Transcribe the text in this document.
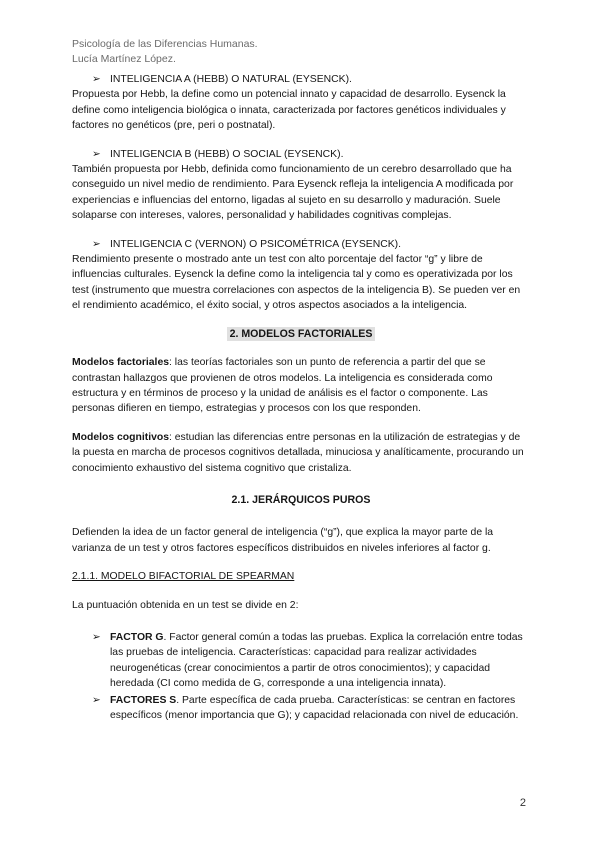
Psicología de las Diferencias Humanas.
Lucía Martínez López.
➢ INTELIGENCIA A (HEBB) O NATURAL (EYSENCK).

Propuesta por Hebb, la define como un potencial innato y capacidad de desarrollo. Eysenck la define como inteligencia biológica o innata, caracterizada por factores genéticos individuales y factores no genéticos (pre, peri o postnatal).

➢ INTELIGENCIA B (HEBB) O SOCIAL (EYSENCK).

También propuesta por Hebb, definida como funcionamiento de un cerebro desarrollado que ha conseguido un nivel medio de rendimiento. Para Eysenck refleja la inteligencia A modificada por experiencias e influencias del entorno, ligadas al sujeto en su desarrollo y maduración. Suele solaparse con intereses, valores, personalidad y habilidades cognitivas complejas.

➢ INTELIGENCIA C (VERNON) O PSICOMÉTRICA (EYSENCK).

Rendimiento presente o mostrado ante un test con alto porcentaje del factor “g” y libre de influencias culturales. Eysenck la define como la inteligencia tal y como es operativizada por los test (instrumento que muestra correlaciones con aspectos de la inteligencia B). Se pueden ver en el rendimiento académico, el éxito social, y otros aspectos asociados a la inteligencia.

2. MODELOS FACTORIALES

Modelos factoriales: las teorías factoriales son un punto de referencia a partir del que se contrastan hallazgos que provienen de otros modelos. La inteligencia es considerada como estructura y en términos de proceso y la unidad de análisis es el factor o componente. Las personas difieren en tiempo, estrategias y procesos con los que responden.

Modelos cognitivos: estudian las diferencias entre personas en la utilización de estrategias y de la puesta en marcha de procesos cognitivos detallada, minuciosa y analíticamente, procurando un conocimiento exhaustivo del sistema cognitivo que cristaliza.

2.1. JERÁRQUICOS PUROS

Defienden la idea de un factor general de inteligencia (“g”), que explica la mayor parte de la varianza de un test y otros factores específicos distribuidos en niveles inferiores al factor g.

2.1.1. MODELO BIFACTORIAL DE SPEARMAN

La puntuación obtenida en un test se divide en 2:

➢ FACTOR G. Factor general común a todas las pruebas. Explica la correlación entre todas las pruebas de inteligencia. Características: capacidad para realizar actividades neurogenéticas (crear conocimientos a partir de otros conocimientos); y capacidad heredada (CI como medida de G, corresponde a una inteligencia innata).
➢ FACTORES S. Parte específica de cada prueba. Características: se centran en factores específicos (menor importancia que G); y capacidad relacionada con nivel de educación.
2
